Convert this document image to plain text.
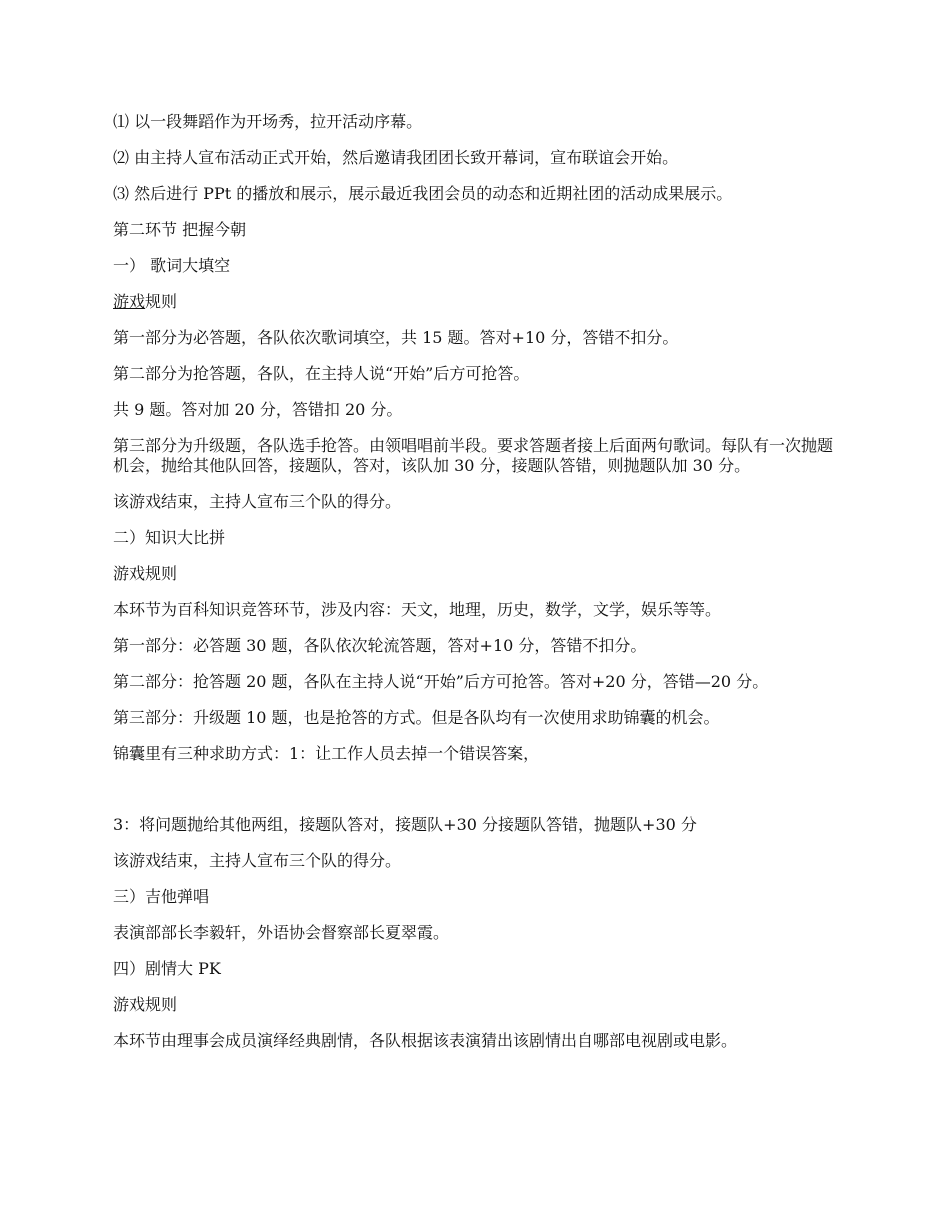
⑴ 以一段舞蹈作为开场秀，拉开活动序幕。

⑵ 由主持人宣布活动正式开始，然后邀请我团团长致开幕词，宣布联谊会开始。

⑶ 然后进行 PPt 的播放和展示，展示最近我团会员的动态和近期社团的活动成果展示。

第二环节 把握今朝

一） 歌词大填空

游戏规则

第一部分为必答题，各队依次歌词填空，共 15 题。答对+10 分，答错不扣分。

第二部分为抢答题，各队，在主持人说“开始”后方可抢答。

共 9 题。答对加 20 分，答错扣 20 分。

第三部分为升级题，各队选手抢答。由领唱唱前半段。要求答题者接上后面两句歌词。每队有一次抛题机会，抛给其他队回答，接题队，答对，该队加 30 分，接题队答错，则抛题队加 30 分。

该游戏结束，主持人宣布三个队的得分。

二）知识大比拼

游戏规则

本环节为百科知识竞答环节，涉及内容：天文，地理，历史，数学，文学，娱乐等等。

第一部分：必答题 30 题，各队依次轮流答题，答对+10 分，答错不扣分。

第二部分：抢答题 20 题，各队在主持人说“开始”后方可抢答。答对+20 分，答错—20 分。

第三部分：升级题 10 题，也是抢答的方式。但是各队均有一次使用求助锦囊的机会。

锦囊里有三种求助方式：1：让工作人员去掉一个错误答案，

3：将问题抛给其他两组，接题队答对，接题队+30 分接题队答错，抛题队+30 分

该游戏结束，主持人宣布三个队的得分。

三）吉他弹唱

表演部部长李毅轩，外语协会督察部长夏翠霞。

四）剧情大 PK

游戏规则

本环节由理事会成员演绎经典剧情，各队根据该表演猜出该剧情出自哪部电视剧或电影。
